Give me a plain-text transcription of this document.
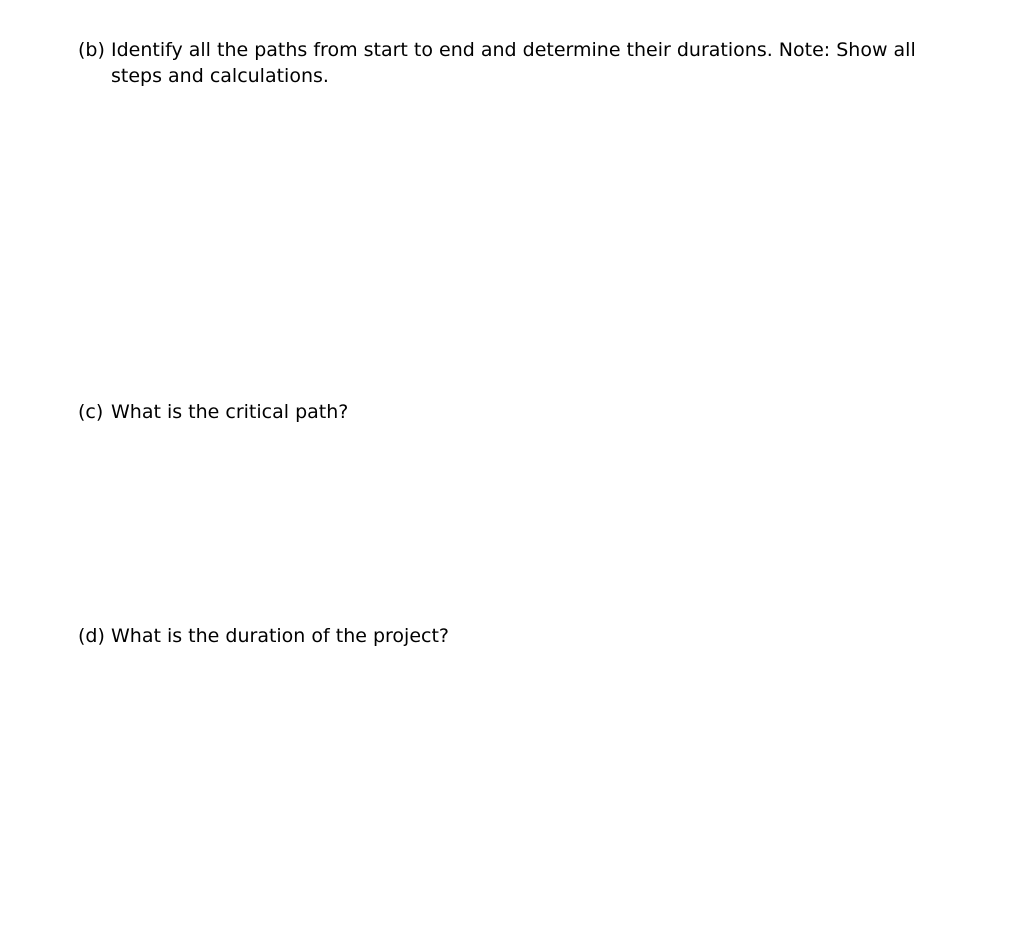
(b) Identify all the paths from start to end and determine their durations. Note: Show all steps and calculations.
(c) What is the critical path?
(d) What is the duration of the project?
